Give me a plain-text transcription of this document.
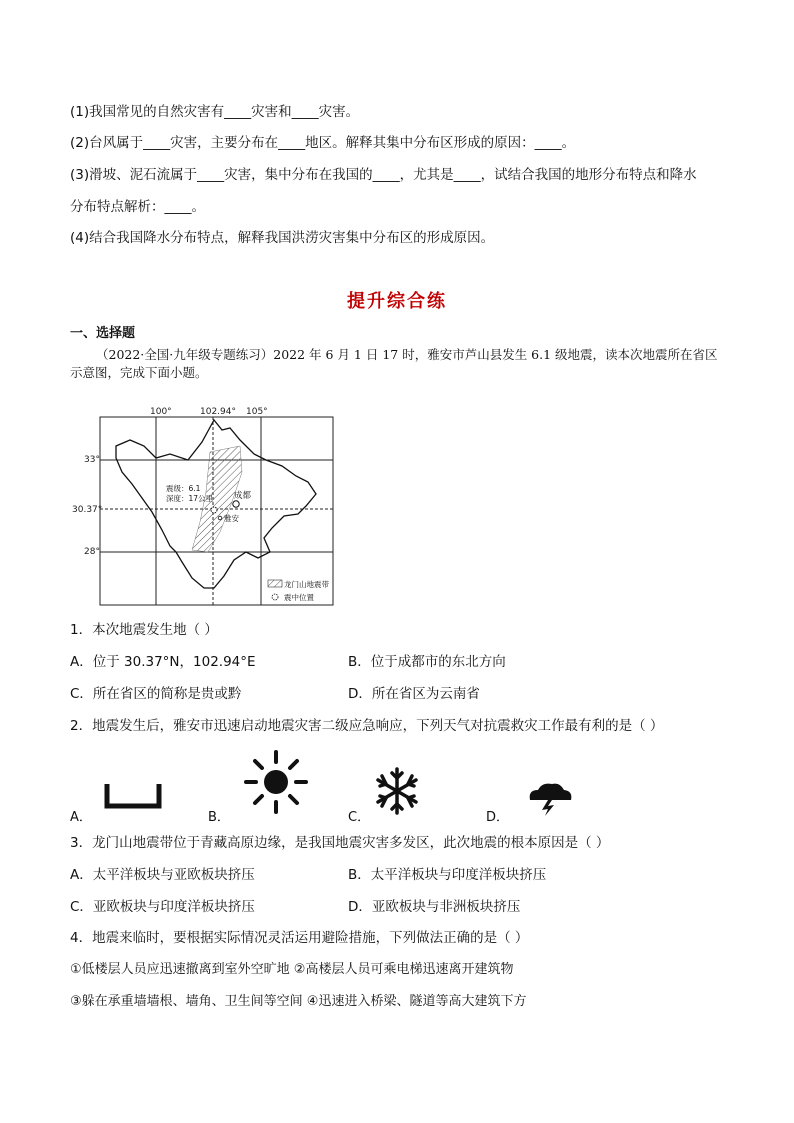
(1)我国常见的自然灾害有____灾害和____灾害。
(2)台风属于____灾害，主要分布在____地区。解释其集中分布区形成的原因：____。
(3)滑坡、泥石流属于____灾害，集中分布在我国的____，尤其是____，试结合我国的地形分布特点和降水
分布特点解析：____。
(4)结合我国降水分布特点，解释我国洪涝灾害集中分布区的形成原因。
提升综合练
一、选择题
（2022·全国·九年级专题练习）2022 年 6 月 1 日 17 时，雅安市芦山县发生 6.1 级地震，读本次地震所在省区示意图，完成下面小题。
100°	102.94° 105°
33°
30.37°
28°
震级：6.1
深度：17公里 成都
雅安
龙门山地震带
震中位置
1．本次地震发生地（ ）
A．位于 30.37°N，102.94°E	B．位于成都市的东北方向
C．所在省区的简称是贵或黔	D．所在省区为云南省
2．地震发生后，雅安市迅速启动地震灾害二级应急响应，下列天气对抗震救灾工作最有利的是（ ）
A．	B．	C．	D．
3．龙门山地震带位于青藏高原边缘，是我国地震灾害多发区，此次地震的根本原因是（ ）
A．太平洋板块与亚欧板块挤压	B．太平洋板块与印度洋板块挤压
C．亚欧板块与印度洋板块挤压	D．亚欧板块与非洲板块挤压
4．地震来临时，要根据实际情况灵活运用避险措施，下列做法正确的是（ ）
①低楼层人员应迅速撤离到室外空旷地 ②高楼层人员可乘电梯迅速离开建筑物
③躲在承重墙墙根、墙角、卫生间等空间 ④迅速进入桥梁、隧道等高大建筑下方
